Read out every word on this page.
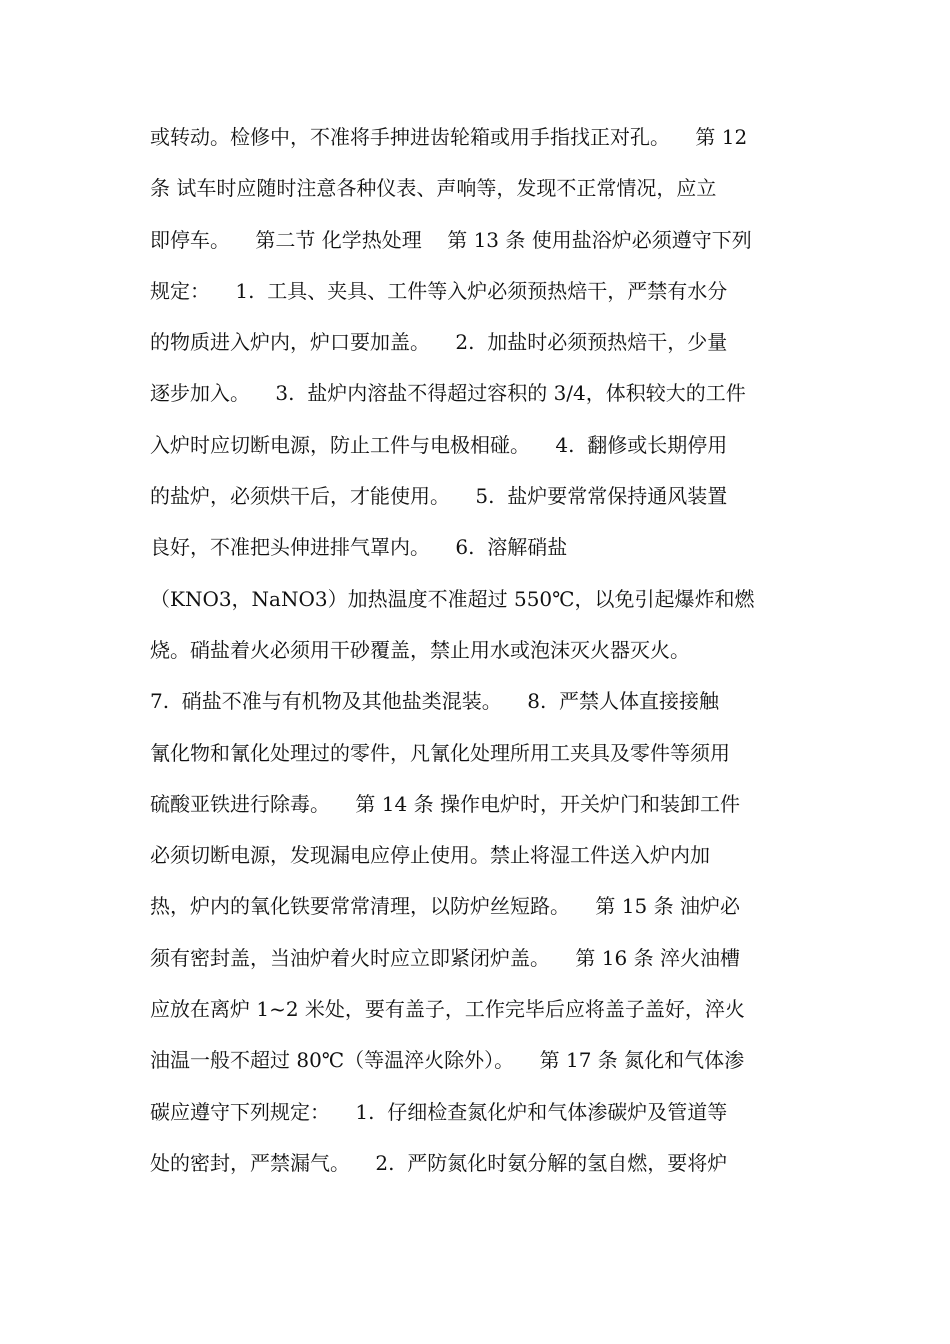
或转动。检修中，不准将手抻进齿轮箱或用手指找正对孔。    第 12
条 试车时应随时注意各种仪表、声响等，发现不正常情况，应立
即停车。    第二节 化学热处理    第 13 条 使用盐浴炉必须遵守下列
规定：    1.  工具、夹具、工件等入炉必须预热焙干，严禁有水分
的物质进入炉内，炉口要加盖。    2.  加盐时必须预热焙干，少量
逐步加入。    3.  盐炉内溶盐不得超过容积的 3/4，体积较大的工件
入炉时应切断电源，防止工件与电极相碰。    4.  翻修或长期停用
的盐炉，必须烘干后，才能使用。    5.  盐炉要常常保持通风装置
良好，不准把头伸进排气罩内。    6.  溶解硝盐
（KNO3，NaNO3）加热温度不准超过 550℃，以免引起爆炸和燃
烧。硝盐着火必须用干砂覆盖，禁止用水或泡沫灭火器灭火。
7.  硝盐不准与有机物及其他盐类混装。    8.  严禁人体直接接触
氰化物和氰化处理过的零件，凡氰化处理所用工夹具及零件等须用
硫酸亚铁进行除毒。    第 14 条 操作电炉时，开关炉门和装卸工件
必须切断电源，发现漏电应停止使用。禁止将湿工件送入炉内加
热，炉内的氧化铁要常常清理，以防炉丝短路。    第 15 条 油炉必
须有密封盖，当油炉着火时应立即紧闭炉盖。    第 16 条 淬火油槽
应放在离炉 1~2 米处，要有盖子，工作完毕后应将盖子盖好，淬火
油温一般不超过 80℃（等温淬火除外）。    第 17 条 氮化和气体渗
碳应遵守下列规定：    1.  仔细检查氮化炉和气体渗碳炉及管道等
处的密封，严禁漏气。    2.  严防氮化时氨分解的氢自燃，要将炉
